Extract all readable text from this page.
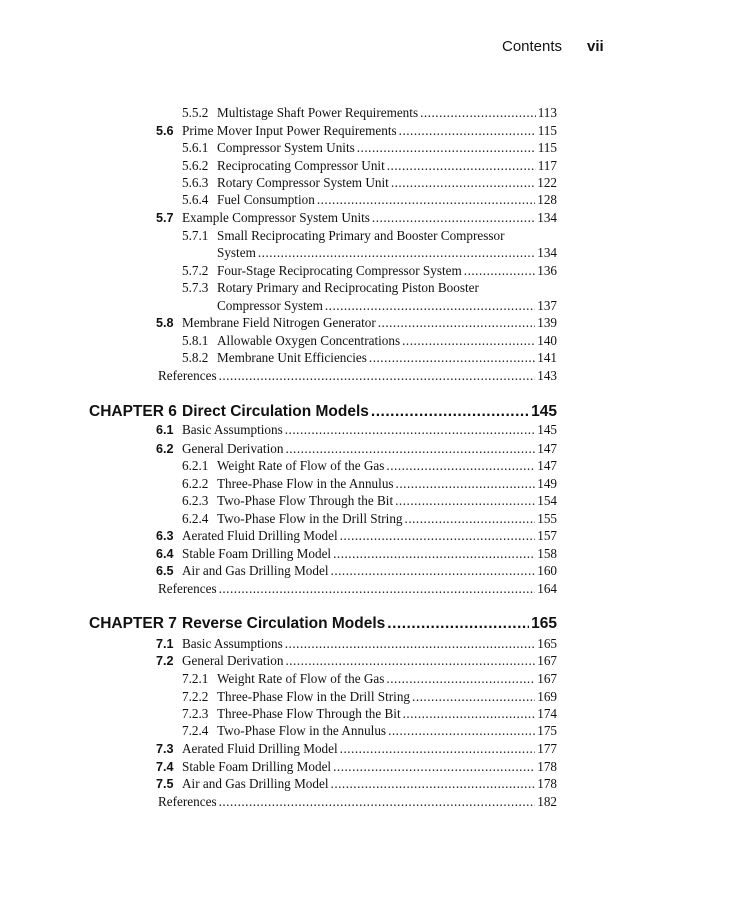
Contents vii
5.5.2 Multistage Shaft Power Requirements .....	113
5.6 Prime Mover Input Power Requirements .....	115
5.6.1 Compressor System Units .....	115
5.6.2 Reciprocating Compressor Unit .....	117
5.6.3 Rotary Compressor System Unit .....	122
5.6.4 Fuel Consumption .....	128
5.7 Example Compressor System Units .....	134
5.7.1 Small Reciprocating Primary and Booster Compressor
System .....	134
5.7.2 Four-Stage Reciprocating Compressor System .....	136
5.7.3 Rotary Primary and Reciprocating Piston Booster
Compressor System .....	137
5.8 Membrane Field Nitrogen Generator .....	139
5.8.1 Allowable Oxygen Concentrations .....	140
5.8.2 Membrane Unit Efficiencies .....	141
References .....	143
CHAPTER 6 Direct Circulation Models .....	145
6.1 Basic Assumptions .....	145
6.2 General Derivation .....	147
6.2.1 Weight Rate of Flow of the Gas .....	147
6.2.2 Three-Phase Flow in the Annulus .....	149
6.2.3 Two-Phase Flow Through the Bit .....	154
6.2.4 Two-Phase Flow in the Drill String .....	155
6.3 Aerated Fluid Drilling Model .....	157
6.4 Stable Foam Drilling Model .....	158
6.5 Air and Gas Drilling Model .....	160
References .....	164
CHAPTER 7 Reverse Circulation Models .....	165
7.1 Basic Assumptions .....	165
7.2 General Derivation .....	167
7.2.1 Weight Rate of Flow of the Gas .....	167
7.2.2 Three-Phase Flow in the Drill String .....	169
7.2.3 Three-Phase Flow Through the Bit .....	174
7.2.4 Two-Phase Flow in the Annulus .....	175
7.3 Aerated Fluid Drilling Model .....	177
7.4 Stable Foam Drilling Model .....	178
7.5 Air and Gas Drilling Model .....	178
References .....	182
